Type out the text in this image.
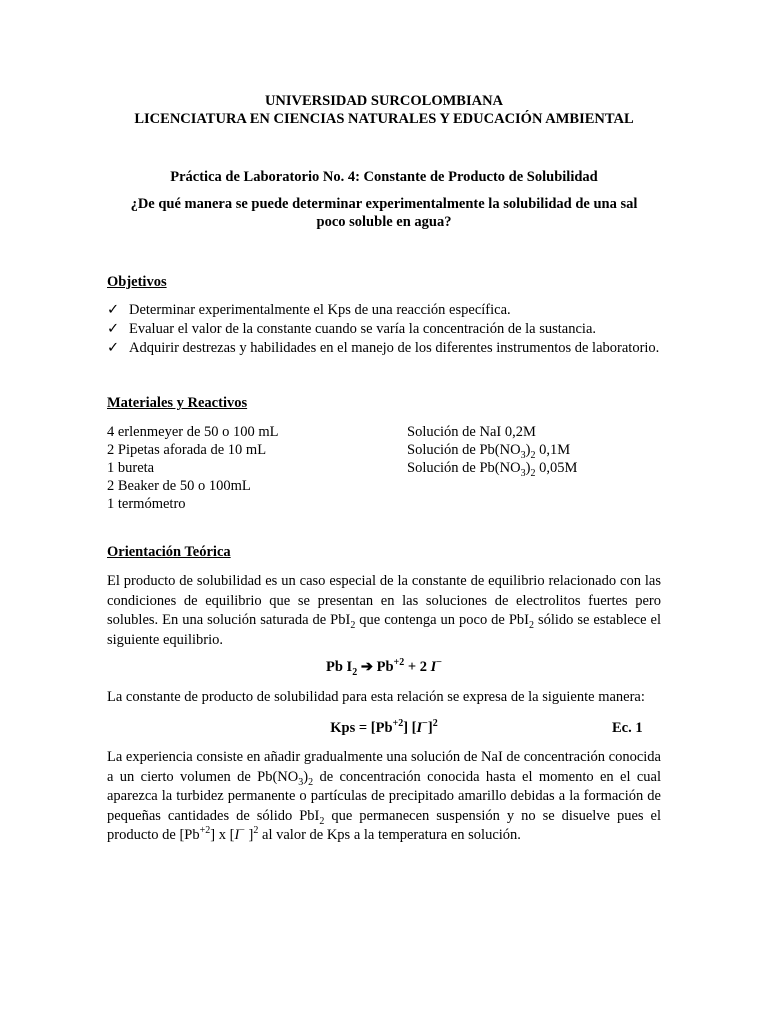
UNIVERSIDAD SURCOLOMBIANA
LICENCIATURA EN CIENCIAS NATURALES Y EDUCACIÓN AMBIENTAL
Práctica de Laboratorio No. 4: Constante de Producto de Solubilidad
¿De qué manera se puede determinar experimentalmente la solubilidad de una sal
poco soluble en agua?
Objetivos
✓ Determinar experimentalmente el Kps de una reacción específica.
✓ Evaluar el valor de la constante cuando se varía la concentración de la sustancia.
✓ Adquirir destrezas y habilidades en el manejo de los diferentes instrumentos de laboratorio.
Materiales y Reactivos
4 erlenmeyer de 50 o 100 mL
2 Pipetas aforada de 10 mL
1 bureta
2 Beaker de 50 o 100mL
1 termómetro
Solución de NaI 0,2M
Solución de $Pb(NO_3)_2$ 0,1M
Solución de $Pb(NO_3)_2$ 0,05M
Orientación Teórica
El producto de solubilidad es un caso especial de la constante de equilibrio relacionado con las condiciones de equilibrio que se presentan en las soluciones de electrolitos fuertes pero solubles. En una solución saturada de PbI$_2$ que contenga un poco de PbI$_2$ sólido se establece el siguiente equilibrio.
Pb $I_2$ ➔ $Pb^{+2} + 2$ I−
La constante de producto de solubilidad para esta relación se expresa de la siguiente manera:
Kps = $[Pb^{+2}]$ $[I^-]^2$	Ec. 1
La experiencia consiste en añadir gradualmente una solución de NaI de concentración conocida a un cierto volumen de $Pb(NO_3)_2$ de concentración conocida hasta el momento en el cual aparezca la turbidez permanente o partículas de precipitado amarillo debidas a la formación de pequeñas cantidades de sólido PbI$_2$ que permanecen suspensión y no se disuelve pues el producto de $[Pb^{+2}]$ x [I− ]$^2$ al valor de Kps a la temperatura en solución.
